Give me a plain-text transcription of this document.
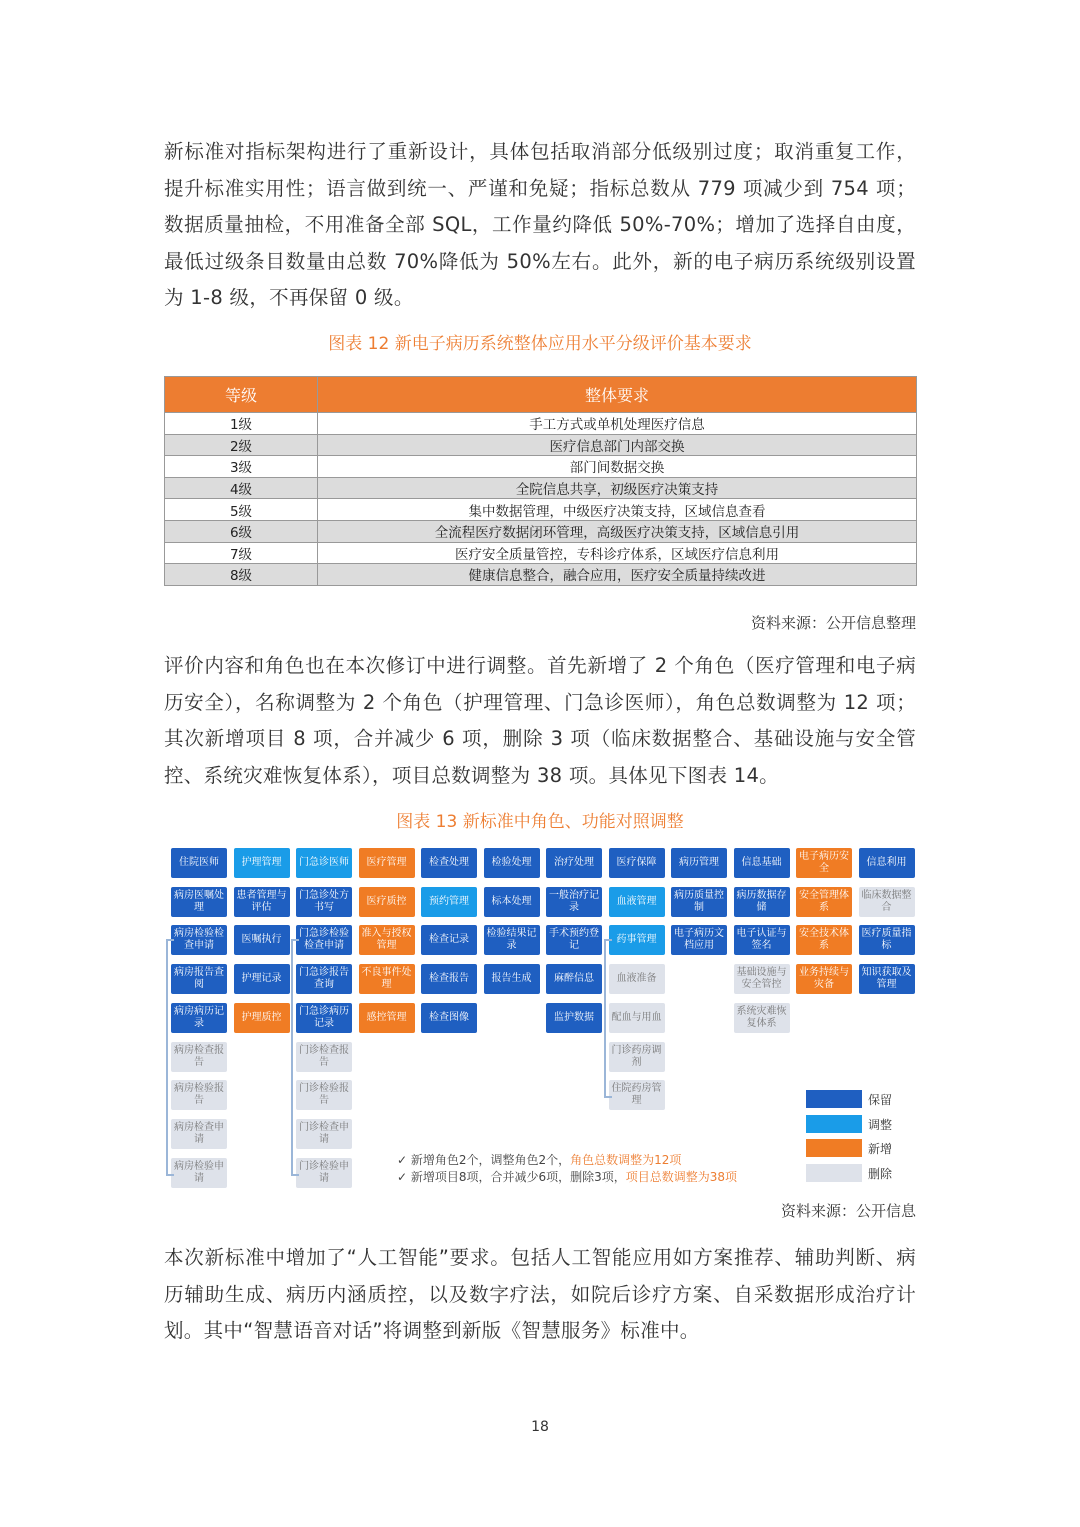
新标准对指标架构进行了重新设计，具体包括取消部分低级别过度；取消重复工作，提升标准实用性；语言做到统一、严谨和免疑；指标总数从 779 项减少到 754 项；数据质量抽检，不用准备全部 SQL，工作量约降低 50%-70%；增加了选择自由度，最低过级条目数量由总数 70%降低为 50%左右。此外，新的电子病历系统级别设置为 1-8 级，不再保留 0 级。

图表 12 新电子病历系统整体应用水平分级评价基本要求

等级	整体要求
1级	手工方式或单机处理医疗信息
2级	医疗信息部门内部交换
3级	部门间数据交换
4级	全院信息共享，初级医疗决策支持
5级	集中数据管理，中级医疗决策支持，区域信息查看
6级	全流程医疗数据闭环管理，高级医疗决策支持，区域信息引用
7级	医疗安全质量管控，专科诊疗体系，区域医疗信息利用
8级	健康信息整合，融合应用，医疗安全质量持续改进
资料来源：公开信息整理

评价内容和角色也在本次修订中进行调整。首先新增了 2 个角色（医疗管理和电子病历安全），名称调整为 2 个角色（护理管理、门急诊医师），角色总数调整为 12 项；其次新增项目 8 项，合并减少 6 项，删除 3 项（临床数据整合、基础设施与安全管控、系统灾难恢复体系），项目总数调整为 38 项。具体见下图表 14。

图表 13 新标准中角色、功能对照调整

住院医师
病房医嘱处理
病房检验检查申请
病房报告查阅
病房病历记录
病房检查报告
病房检验报告
病房检查申请
病房检验申请
护理管理
患者管理与评估
医嘱执行
护理记录
护理质控
门急诊医师
门急诊处方书写
门急诊检验检查申请
门急诊报告查询
门急诊病历记录
门诊检查报告
门诊检验报告
门诊检查申请
门诊检验申请
医疗管理
医疗质控
准入与授权管理
不良事件处理
感控管理
检查处理
预约管理
检查记录
检查报告
检查图像
检验处理
标本处理
检验结果记录
报告生成
治疗处理
一般治疗记录
手术预约登记
麻醉信息
监护数据
医疗保障
血液管理
药事管理
血液准备
配血与用血
门诊药房调剂
住院药房管理
病历管理
病历质量控制
电子病历文档应用
信息基础
病历数据存储
电子认证与签名
基础设施与安全管控
系统灾难恢复体系
电子病历安全
安全管理体系
安全技术体系
业务持续与灾备
信息利用
临床数据整合
医疗质量指标
知识获取及管理
✓ 新增角色2个，调整角色2个，角色总数调整为12项
✓ 新增项目8项，合并减少6项，删除3项，项目总数调整为38项
保留
调整
新增
删除
资料来源：公开信息

本次新标准中增加了“人工智能”要求。包括人工智能应用如方案推荐、辅助判断、病历辅助生成、病历内涵质控，以及数字疗法，如院后诊疗方案、自采数据形成治疗计划。其中“智慧语音对话”将调整到新版《智慧服务》标准中。

18
